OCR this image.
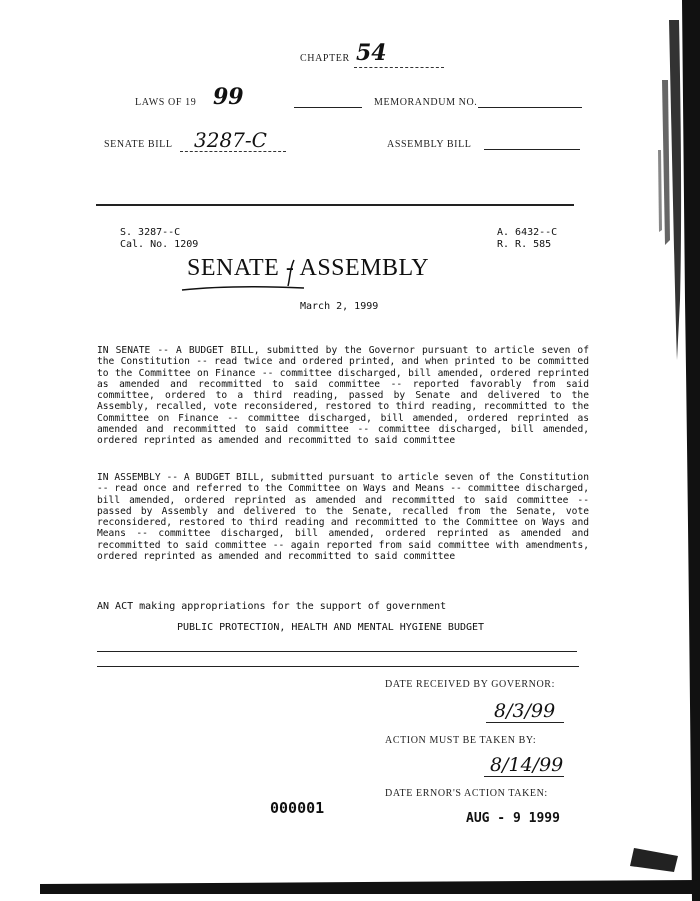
CHAPTER 54
LAWS OF 19 99	MEMORANDUM NO.
SENATE BILL 3287-C	ASSEMBLY BILL
S. 3287--C
Cal. No. 1209
A. 6432--C
R. R. 585
SENATE - ASSEMBLY
March 2, 1999

IN SENATE -- A BUDGET BILL, submitted by the Governor pursuant to article seven of the Constitution -- read twice and ordered printed, and when printed to be committed to the Committee on Finance -- committee discharged, bill amended, ordered reprinted as amended and recommitted to said committee -- reported favorably from said committee, ordered to a third reading, passed by Senate and delivered to the Assembly, recalled, vote reconsidered, restored to third reading, recommitted to the Committee on Finance -- committee discharged, bill amended, ordered reprinted as amended and recommitted to said committee -- committee discharged, bill amended, ordered reprinted as amended and recommitted to said committee

IN ASSEMBLY -- A BUDGET BILL, submitted pursuant to article seven of the Constitution -- read once and referred to the Committee on Ways and Means -- committee discharged, bill amended, ordered reprinted as amended and recommitted to said committee -- passed by Assembly and delivered to the Senate, recalled from the Senate, vote reconsidered, restored to third reading and recommitted to the Committee on Ways and Means -- committee discharged, bill amended, ordered reprinted as amended and recommitted to said committee -- again reported from said committee with amendments, ordered reprinted as amended and recommitted to said committee

AN ACT making appropriations for the support of government
PUBLIC PROTECTION, HEALTH AND MENTAL HYGIENE BUDGET
DATE RECEIVED BY GOVERNOR:
8/3/99
ACTION MUST BE TAKEN BY:
8/14/99
DATE ERNOR'S ACTION TAKEN:
AUG - 9 1999
000001
